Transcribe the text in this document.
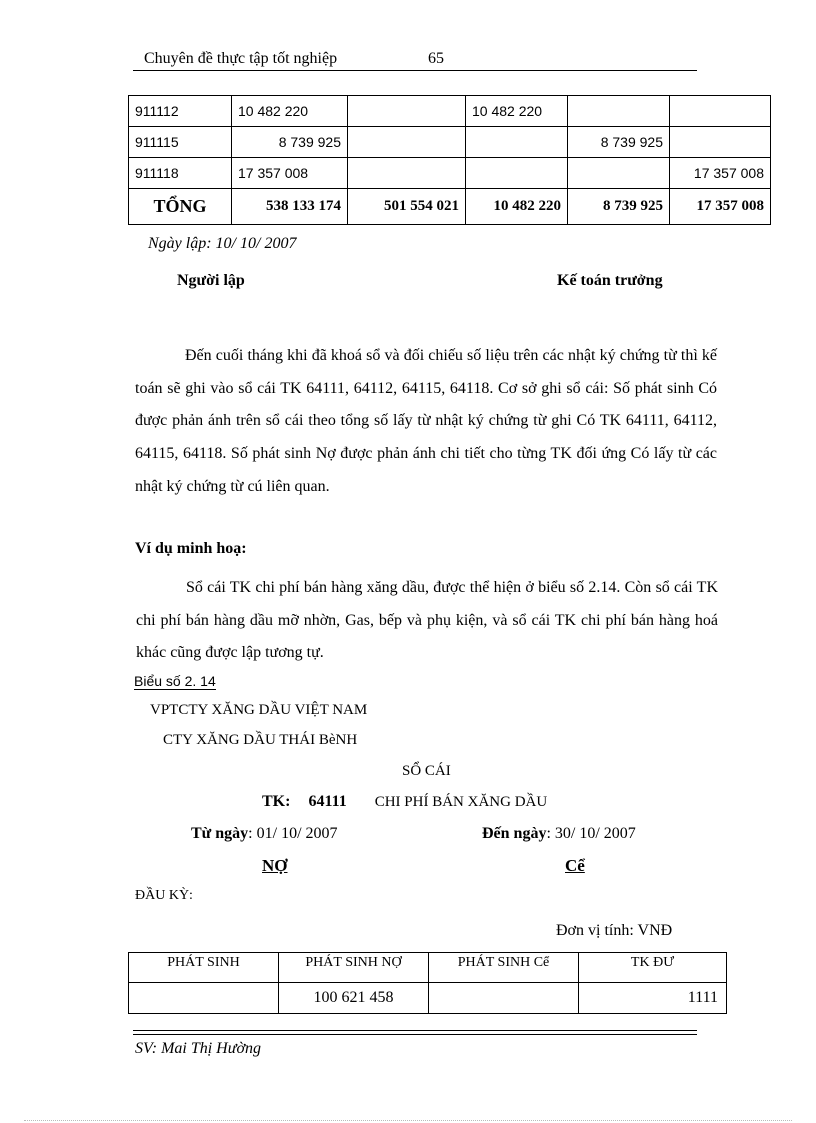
Chuyên đề thực tập tốt nghiệp	65
911112	10 482 220		10 482 220		
911115	8 739 925			8 739 925	
911118	17 357 008				17 357 008
TỔNG	538 133 174	501 554 021	10 482 220	8 739 925	17 357 008
Ngày lập: 10/ 10/ 2007
Người lập	Kế toán trưởng
Đến cuối tháng khi đã khoá sổ và đối chiếu số liệu trên các nhật ký chứng từ thì kế toán sẽ ghi vào sổ cái TK 64111, 64112, 64115, 64118. Cơ sở ghi sổ cái: Số phát sinh Có được phản ánh trên sổ cái theo tổng số lấy từ nhật ký chứng từ ghi Có TK 64111, 64112, 64115, 64118. Số phát sinh Nợ được phản ánh chi tiết cho từng TK đối ứng Có lấy từ các nhật ký chứng từ cú liên quan.
Ví dụ minh hoạ:
Sổ cái TK chi phí bán hàng xăng dầu, được thể hiện ở biểu số 2.14. Còn sổ cái TK chi phí bán hàng dầu mỡ nhờn, Gas, bếp và phụ kiện, và sổ cái TK chi phí bán hàng hoá khác cũng được lập tương tự.
Biểu số 2. 14
VPTCTY XĂNG DẦU VIỆT NAM
CTY XĂNG DẦU THÁI BèNH
SỔ CÁI
TK: 64111 CHI PHÍ BÁN XĂNG DẦU
Từ ngày: 01/ 10/ 2007	Đến ngày: 30/ 10/ 2007
NỢ	Cể
ĐẦU KỲ:
Đơn vị tính: VNĐ
PHÁT SINH	PHÁT SINH NỢ	PHÁT SINH Cể	TK ĐƯ
	100 621 458		1111
SV: Mai Thị Hường
